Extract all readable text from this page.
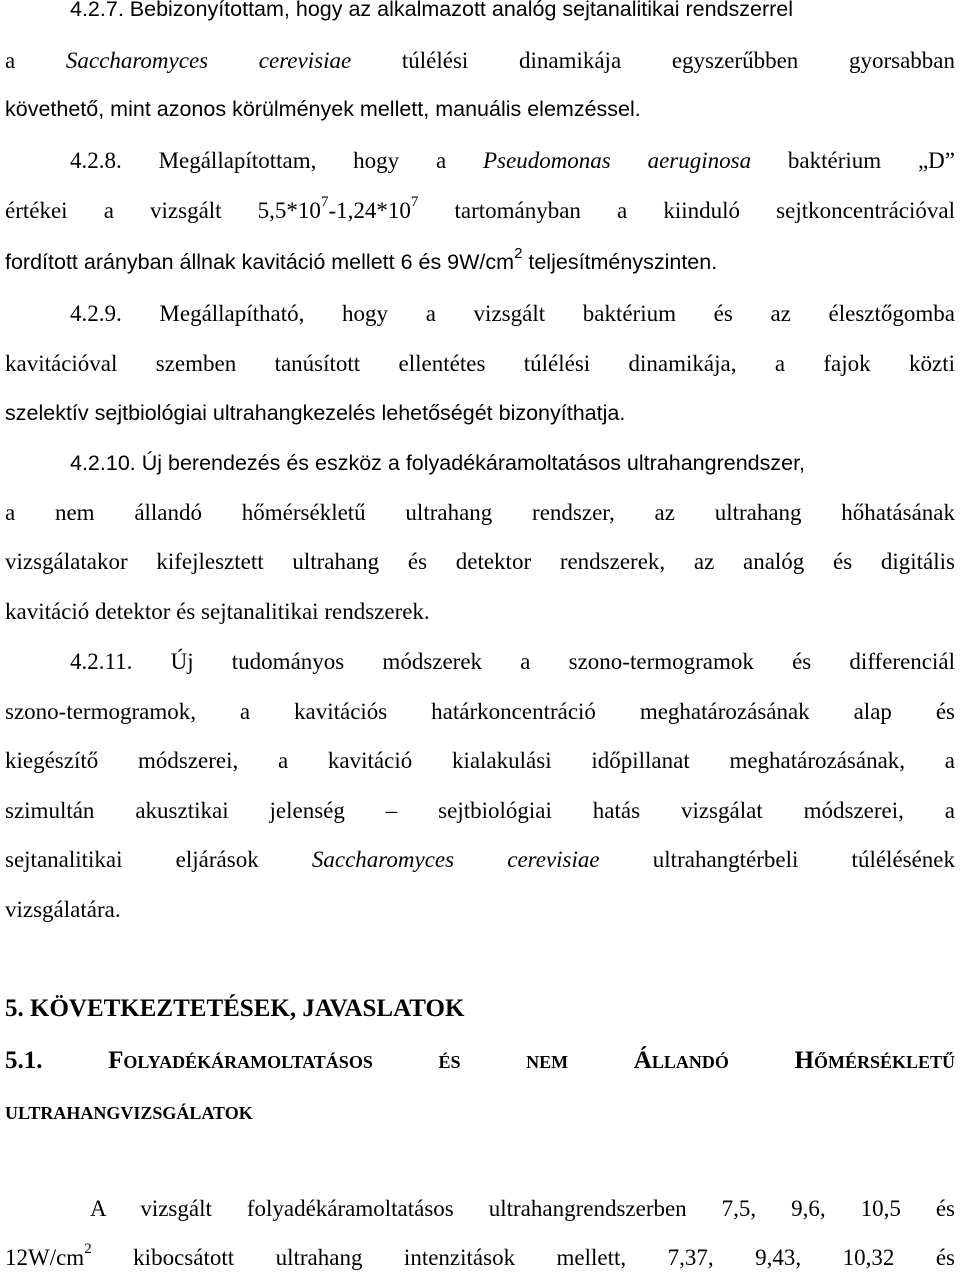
4.2.7. Bebizonyítottam, hogy az alkalmazott analóg sejtanalitikai rendszerrel
a Saccharomyces cerevisiae túlélési dinamikája egyszerűbben gyorsabban
követhető, mint azonos körülmények mellett, manuális elemzéssel.
4.2.8. Megállapítottam, hogy a Pseudomonas aeruginosa baktérium „D”
értékei a vizsgált $5,5*10^7-1,24*10^7$ tartományban a kiinduló sejtkoncentrációval
fordított arányban állnak kavitáció mellett 6 és $9W/cm^2$ teljesítményszinten.
4.2.9. Megállapítható, hogy a vizsgált baktérium és az élesztőgomba
kavitációval szemben tanúsított ellentétes túlélési dinamikája, a fajok közti
szelektív sejtbiológiai ultrahangkezelés lehetőségét bizonyíthatja.
4.2.10. Új berendezés és eszköz a folyadékáramoltatásos ultrahangrendszer,
a nem állandó hőmérsékletű ultrahang rendszer, az ultrahang hőhatásának
vizsgálatakor kifejlesztett ultrahang és detektor rendszerek, az analóg és digitális
kavitáció detektor és sejtanalitikai rendszerek.
4.2.11. Új tudományos módszerek a szono-termogramok és differenciál
szono-termogramok, a kavitációs határkoncentráció meghatározásának alap és
kiegészítő módszerei, a kavitáció kialakulási időpillanat meghatározásának, a
szimultán akusztikai jelenség – sejtbiológiai hatás vizsgálat módszerei, a
sejtanalitikai eljárások Saccharomyces cerevisiae ultrahangtérbeli túlélésének
vizsgálatára.
5. KÖVETKEZTETÉSEK, JAVASLATOK
5.1.	FOLYADÉKÁRAMOLTATÁSOS	ÉS	NEM	ÁLLANDÓ	HŐMÉRSÉKLETŰ
ULTRAHANGVIZSGÁLATOK
A vizsgált folyadékáramoltatásos ultrahangrendszerben 7,5, 9,6, 10,5 és
$12W/cm^2$ kibocsátott ultrahang intenzitások mellett, 7,37, 9,43, 10,32 és
